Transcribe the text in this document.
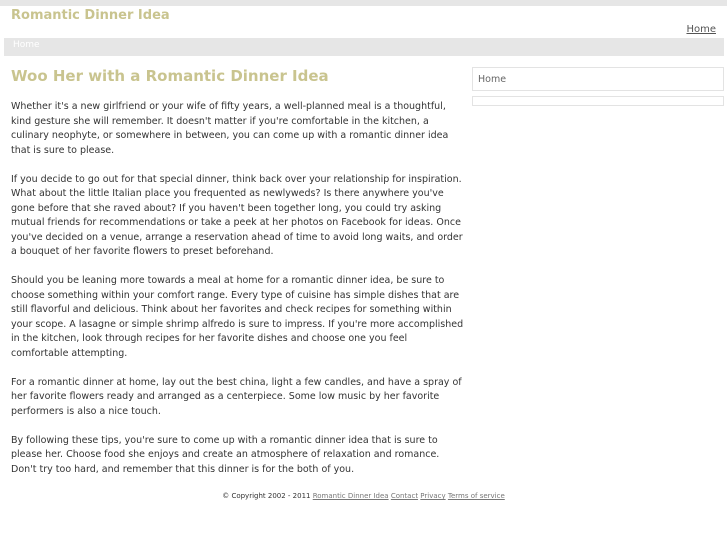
Romantic Dinner Idea
Home
Home
Woo Her with a Romantic Dinner Idea

Whether it's a new girlfriend or your wife of fifty years, a well-planned meal is a thoughtful, kind gesture she will remember. It doesn't matter if you're comfortable in the kitchen, a culinary neophyte, or somewhere in between, you can come up with a romantic dinner idea that is sure to please.

If you decide to go out for that special dinner, think back over your relationship for inspiration. What about the little Italian place you frequented as newlyweds? Is there anywhere you've gone before that she raved about? If you haven't been together long, you could try asking mutual friends for recommendations or take a peek at her photos on Facebook for ideas. Once you've decided on a venue, arrange a reservation ahead of time to avoid long waits, and order a bouquet of her favorite flowers to preset beforehand.

Should you be leaning more towards a meal at home for a romantic dinner idea, be sure to choose something within your comfort range. Every type of cuisine has simple dishes that are still flavorful and delicious. Think about her favorites and check recipes for something within your scope. A lasagne or simple shrimp alfredo is sure to impress. If you're more accomplished in the kitchen, look through recipes for her favorite dishes and choose one you feel comfortable attempting.

For a romantic dinner at home, lay out the best china, light a few candles, and have a spray of her favorite flowers ready and arranged as a centerpiece. Some low music by her favorite performers is also a nice touch.

By following these tips, you're sure to come up with a romantic dinner idea that is sure to please her. Choose food she enjoys and create an atmosphere of relaxation and romance. Don't try too hard, and remember that this dinner is for the both of you.

Home
© Copyright 2002 - 2011 Romantic Dinner Idea Contact Privacy Terms of service
